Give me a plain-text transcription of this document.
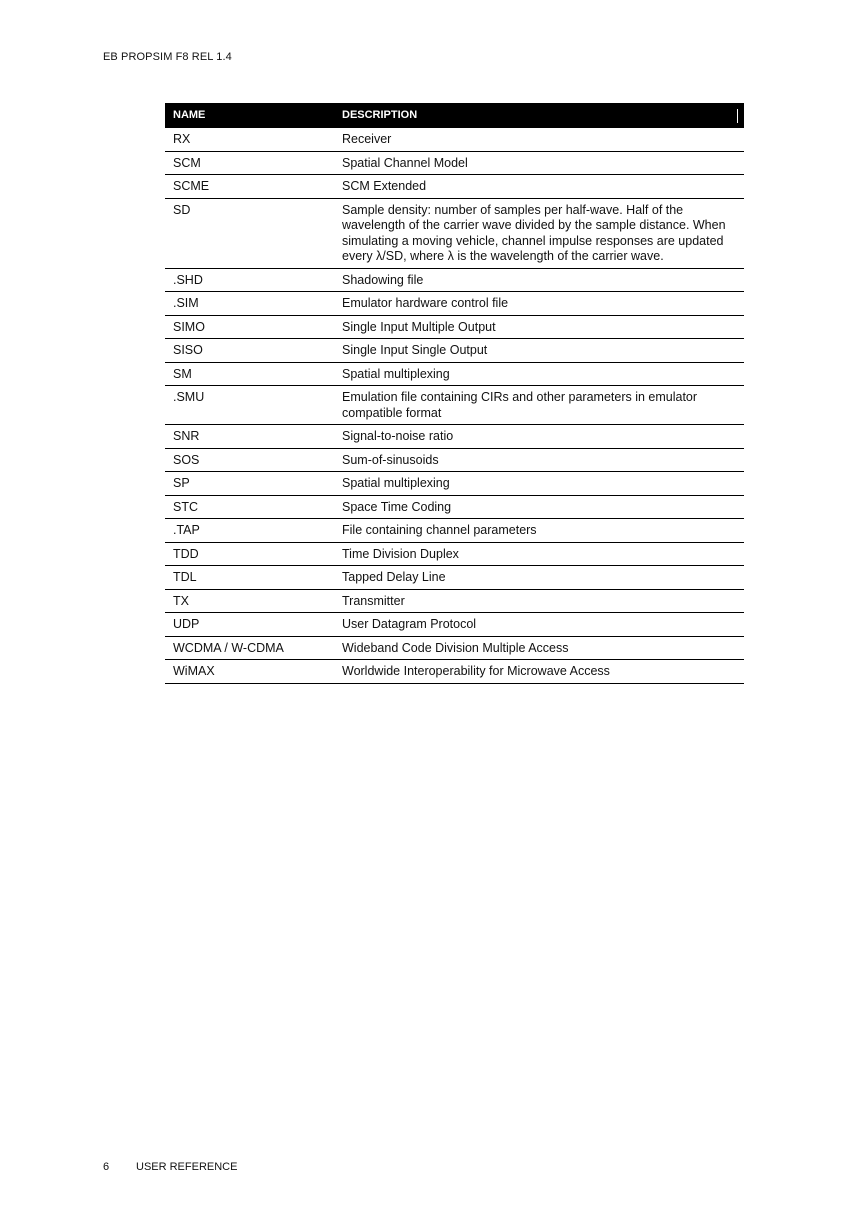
EB PROPSIM F8 REL 1.4
NAME	DESCRIPTION
RX	Receiver
SCM	Spatial Channel Model
SCME	SCM Extended
SD	Sample density: number of samples per half-wave. Half of the wavelength of the carrier wave divided by the sample distance. When simulating a moving vehicle, channel impulse responses are updated every λ/SD, where λ is the wavelength of the carrier wave.
.SHD	Shadowing file
.SIM	Emulator hardware control file
SIMO	Single Input Multiple Output
SISO	Single Input Single Output
SM	Spatial multiplexing
.SMU	Emulation file containing CIRs and other parameters in emulator compatible format
SNR	Signal-to-noise ratio
SOS	Sum-of-sinusoids
SP	Spatial multiplexing
STC	Space Time Coding
.TAP	File containing channel parameters
TDD	Time Division Duplex
TDL	Tapped Delay Line
TX	Transmitter
UDP	User Datagram Protocol
WCDMA / W-CDMA	Wideband Code Division Multiple Access
WiMAX	Worldwide Interoperability for Microwave Access
6 USER REFERENCE
